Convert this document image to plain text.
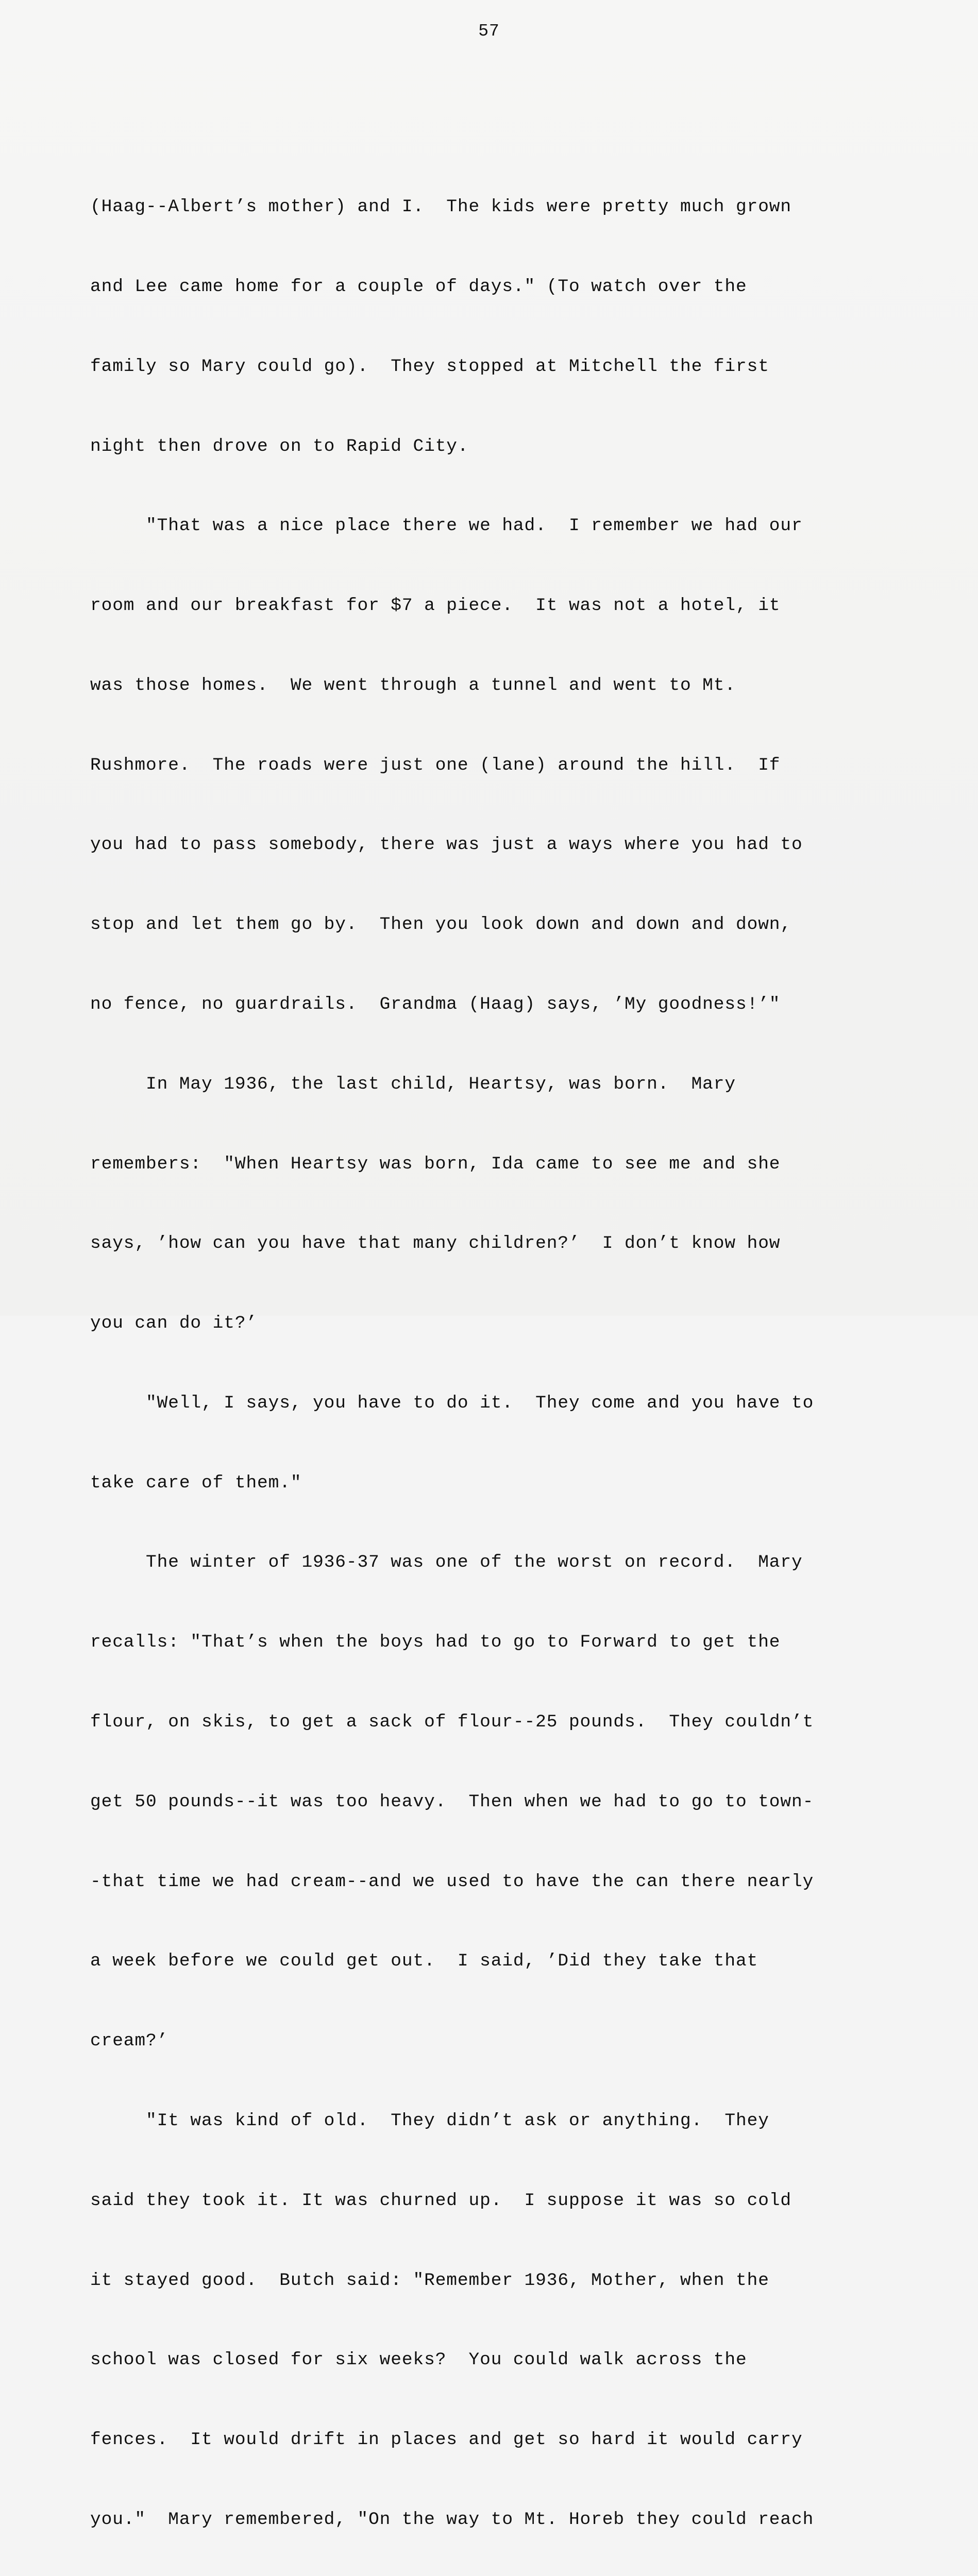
57

(Haag--Albert’s mother) and I.  The kids were pretty much grown

and Lee came home for a couple of days." (To watch over the

family so Mary could go).  They stopped at Mitchell the first

night then drove on to Rapid City.

"That was a nice place there we had.  I remember we had our

room and our breakfast for $7 a piece.  It was not a hotel, it

was those homes.  We went through a tunnel and went to Mt.

Rushmore.  The roads were just one (lane) around the hill.  If

you had to pass somebody, there was just a ways where you had to

stop and let them go by.  Then you look down and down and down,

no fence, no guardrails.  Grandma (Haag) says, ’My goodness!’"

In May 1936, the last child, Heartsy, was born.  Mary

remembers:  "When Heartsy was born, Ida came to see me and she

says, ’how can you have that many children?’  I don’t know how

you can do it?’

"Well, I says, you have to do it.  They come and you have to

take care of them."

The winter of 1936-37 was one of the worst on record.  Mary

recalls: "That’s when the boys had to go to Forward to get the

flour, on skis, to get a sack of flour--25 pounds.  They couldn’t

get 50 pounds--it was too heavy.  Then when we had to go to town-

-that time we had cream--and we used to have the can there nearly

a week before we could get out.  I said, ’Did they take that

cream?’

"It was kind of old.  They didn’t ask or anything.  They

said they took it. It was churned up.  I suppose it was so cold

it stayed good.  Butch said: "Remember 1936, Mother, when the

school was closed for six weeks?  You could walk across the

fences.  It would drift in places and get so hard it would carry

you."  Mary remembered, "On the way to Mt. Horeb they could reach
